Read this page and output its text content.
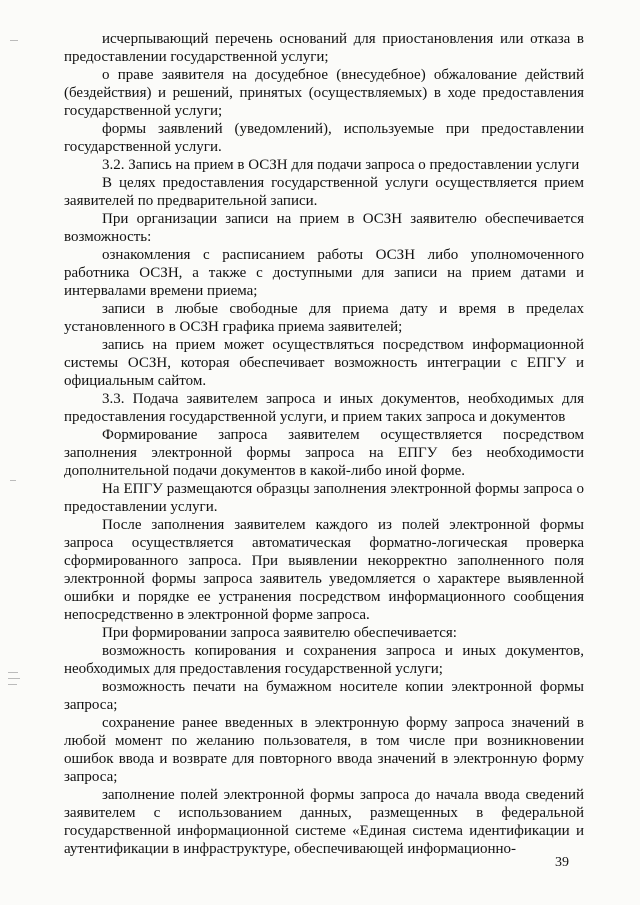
исчерпывающий перечень оснований для приостановления или отказа в предоставлении государственной услуги;

о праве заявителя на досудебное (внесудебное) обжалование действий (бездействия) и решений, принятых (осуществляемых) в ходе предоставления государственной услуги;

формы заявлений (уведомлений), используемые при предоставлении государственной услуги.

3.2. Запись на прием в ОСЗН для подачи запроса о предоставлении услуги

В целях предоставления государственной услуги осуществляется прием заявителей по предварительной записи.

При организации записи на прием в ОСЗН заявителю обеспечивается возможность:

ознакомления с расписанием работы ОСЗН либо уполномоченного работника ОСЗН, а также с доступными для записи на прием датами и интервалами времени приема;

записи в любые свободные для приема дату и время в пределах установленного в ОСЗН графика приема заявителей;

запись на прием может осуществляться посредством информационной системы ОСЗН, которая обеспечивает возможность интеграции с ЕПГУ и официальным сайтом.

3.3. Подача заявителем запроса и иных документов, необходимых для предоставления государственной услуги, и прием таких запроса и документов

Формирование запроса заявителем осуществляется посредством заполнения электронной формы запроса на ЕПГУ без необходимости дополнительной подачи документов в какой-либо иной форме.

На ЕПГУ размещаются образцы заполнения электронной формы запроса о предоставлении услуги.

После заполнения заявителем каждого из полей электронной формы запроса осуществляется автоматическая форматно-логическая проверка сформированного запроса. При выявлении некорректно заполненного поля электронной формы запроса заявитель уведомляется о характере выявленной ошибки и порядке ее устранения посредством информационного сообщения непосредственно в электронной форме запроса.

При формировании запроса заявителю обеспечивается:

возможность копирования и сохранения запроса и иных документов, необходимых для предоставления государственной услуги;

возможность печати на бумажном носителе копии электронной формы запроса;

сохранение ранее введенных в электронную форму запроса значений в любой момент по желанию пользователя, в том числе при возникновении ошибок ввода и возврате для повторного ввода значений в электронную форму запроса;

заполнение полей электронной формы запроса до начала ввода сведений заявителем с использованием данных, размещенных в федеральной государственной информационной системе «Единая система идентификации и аутентификации в инфраструктуре, обеспечивающей информационно-

39
